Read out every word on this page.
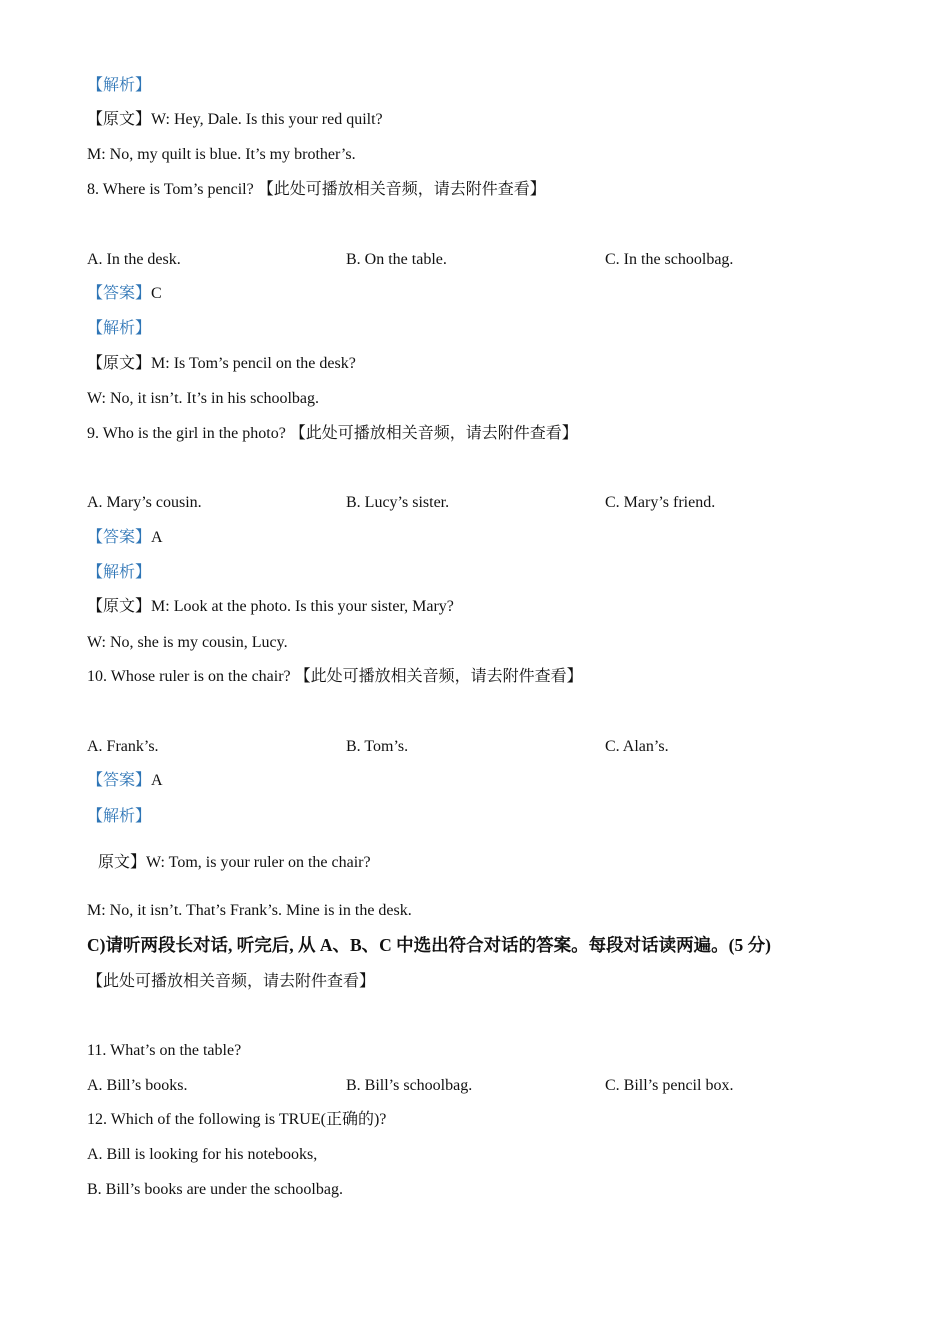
【解析】
【原文】W: Hey, Dale. Is this your red quilt?
M: No, my quilt is blue. It’s my brother’s.
8. Where is Tom’s pencil? 【此处可播放相关音频，请去附件查看】
A. In the desk.	B. On the table.	C. In the schoolbag.
【答案】C
【解析】
【原文】M: Is Tom’s pencil on the desk?
W: No, it isn’t. It’s in his schoolbag.
9. Who is the girl in the photo? 【此处可播放相关音频，请去附件查看】
A. Mary’s cousin.	B. Lucy’s sister.	C. Mary’s friend.
【答案】A
【解析】
【原文】M: Look at the photo. Is this your sister, Mary?
W: No, she is my cousin, Lucy.
10. Whose ruler is on the chair? 【此处可播放相关音频，请去附件查看】
A. Frank’s.	B. Tom’s.	C. Alan’s.
【答案】A
【解析】
原文】W: Tom, is your ruler on the chair?
M: No, it isn’t. That’s Frank’s. Mine is in the desk.
C)请听两段长对话, 听完后, 从 A、B、C 中选出符合对话的答案。每段对话读两遍。(5 分)
【此处可播放相关音频，请去附件查看】
11. What’s on the table?
A. Bill’s books.	B. Bill’s schoolbag.	C. Bill’s pencil box.
12. Which of the following is TRUE(正确的)?
A. Bill is looking for his notebooks,
B. Bill’s books are under the schoolbag.
